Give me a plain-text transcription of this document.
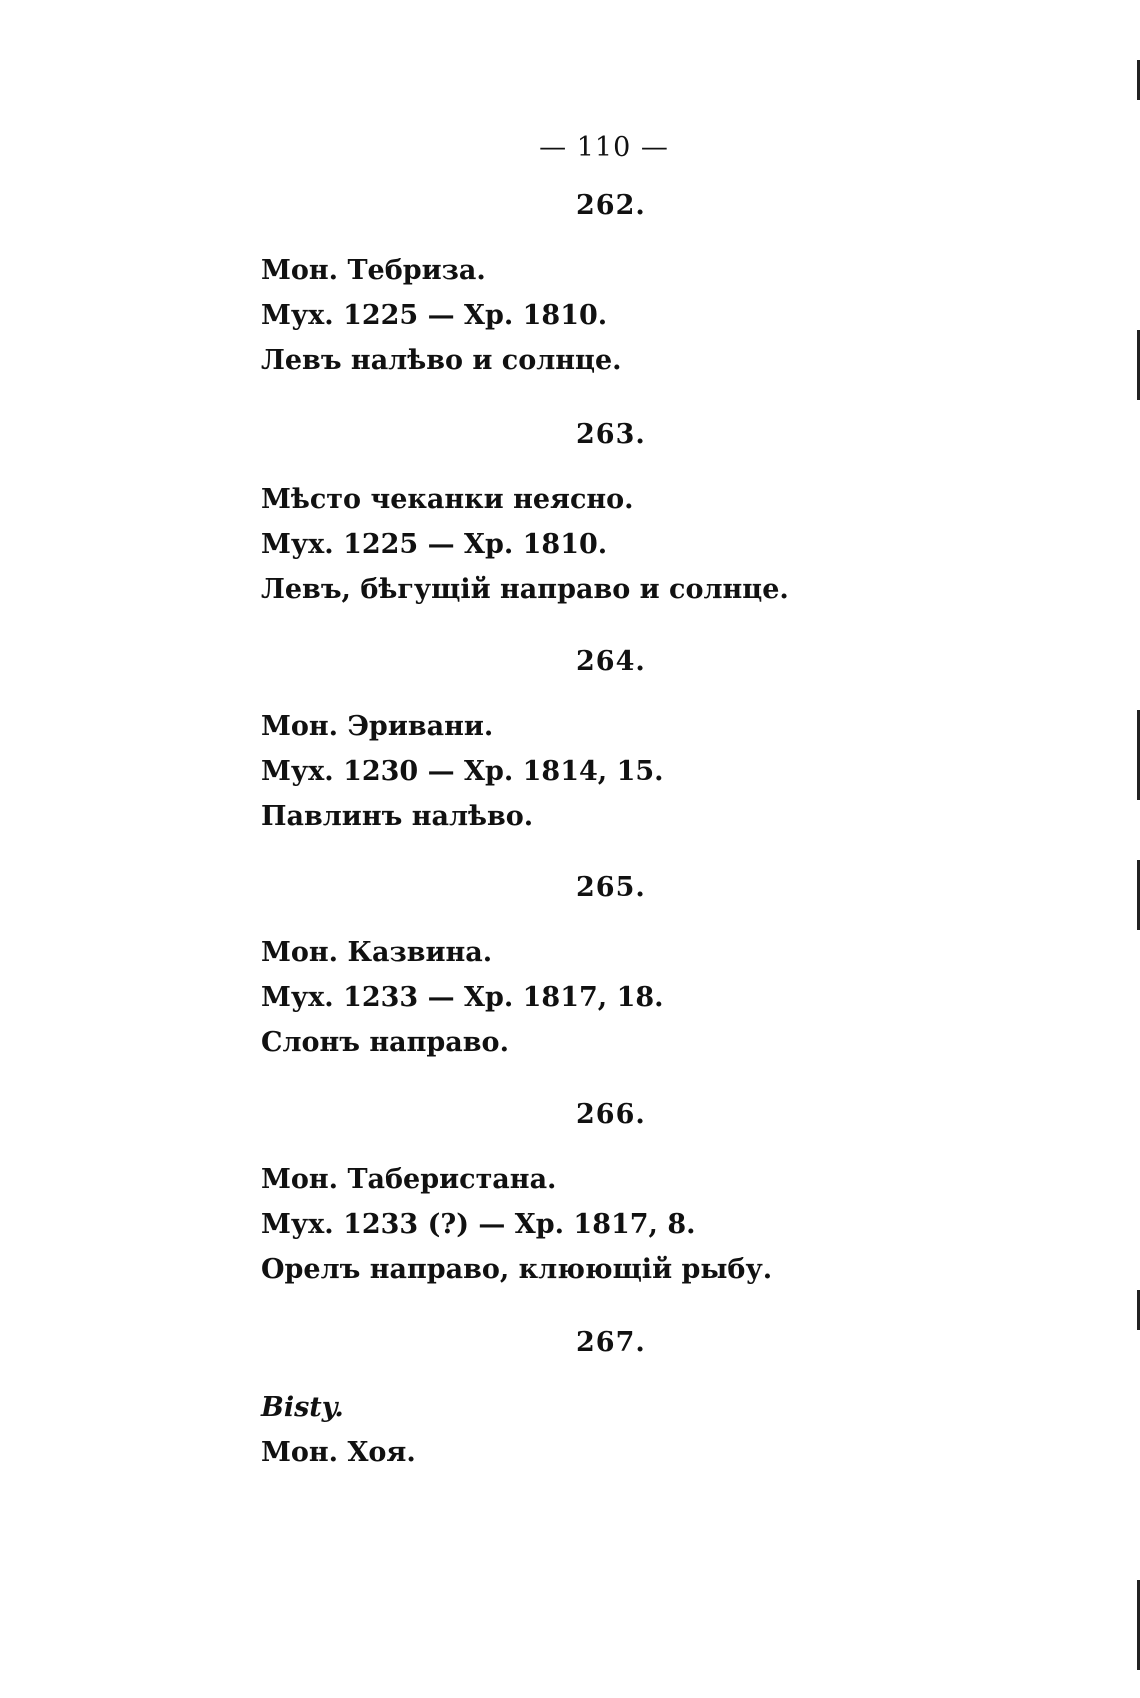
— 110 —
262.
Мон. Тебриза.
Мух. 1225 — Хр. 1810.
Левъ налѣво и солнце.
263.
Мѣсто чеканки неясно.
Мух. 1225 — Хр. 1810.
Левъ, бѣгущій направо и солнце.
264.
Мон. Эривани.
Мух. 1230 — Хр. 1814, 15.
Павлинъ налѣво.
265.
Мон. Казвина.
Мух. 1233 — Хр. 1817, 18.
Слонъ направо.
266.
Мон. Таберистана.
Мух. 1233 (?) — Хр. 1817, 8.
Орелъ направо, клюющій рыбу.
267.
Bisty.
Мон. Хоя.
